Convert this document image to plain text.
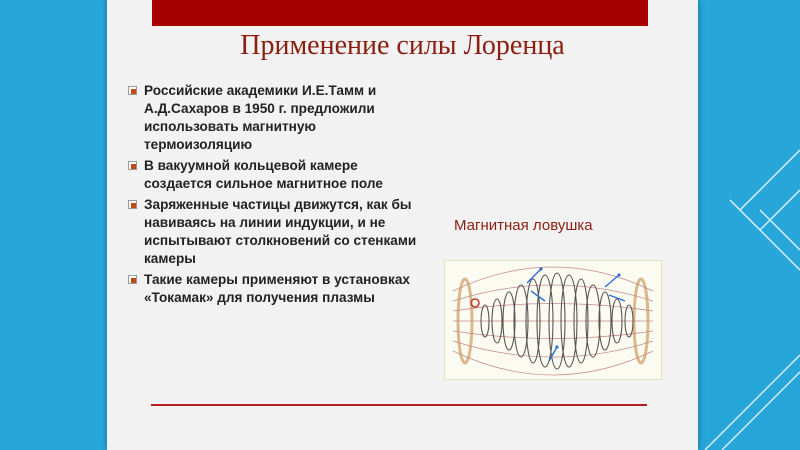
Применение силы Лоренца
Российские академики И.Е.Тамм и А.Д.Сахаров в 1950 г. предложили использовать магнитную термоизоляцию
В вакуумной кольцевой камере создается сильное магнитное поле
Заряженные частицы движутся, как бы навиваясь на линии индукции, и не испытывают столкновений со стенками камеры
Такие камеры применяют в установках «Токамак» для получения плазмы
Магнитная ловушка
